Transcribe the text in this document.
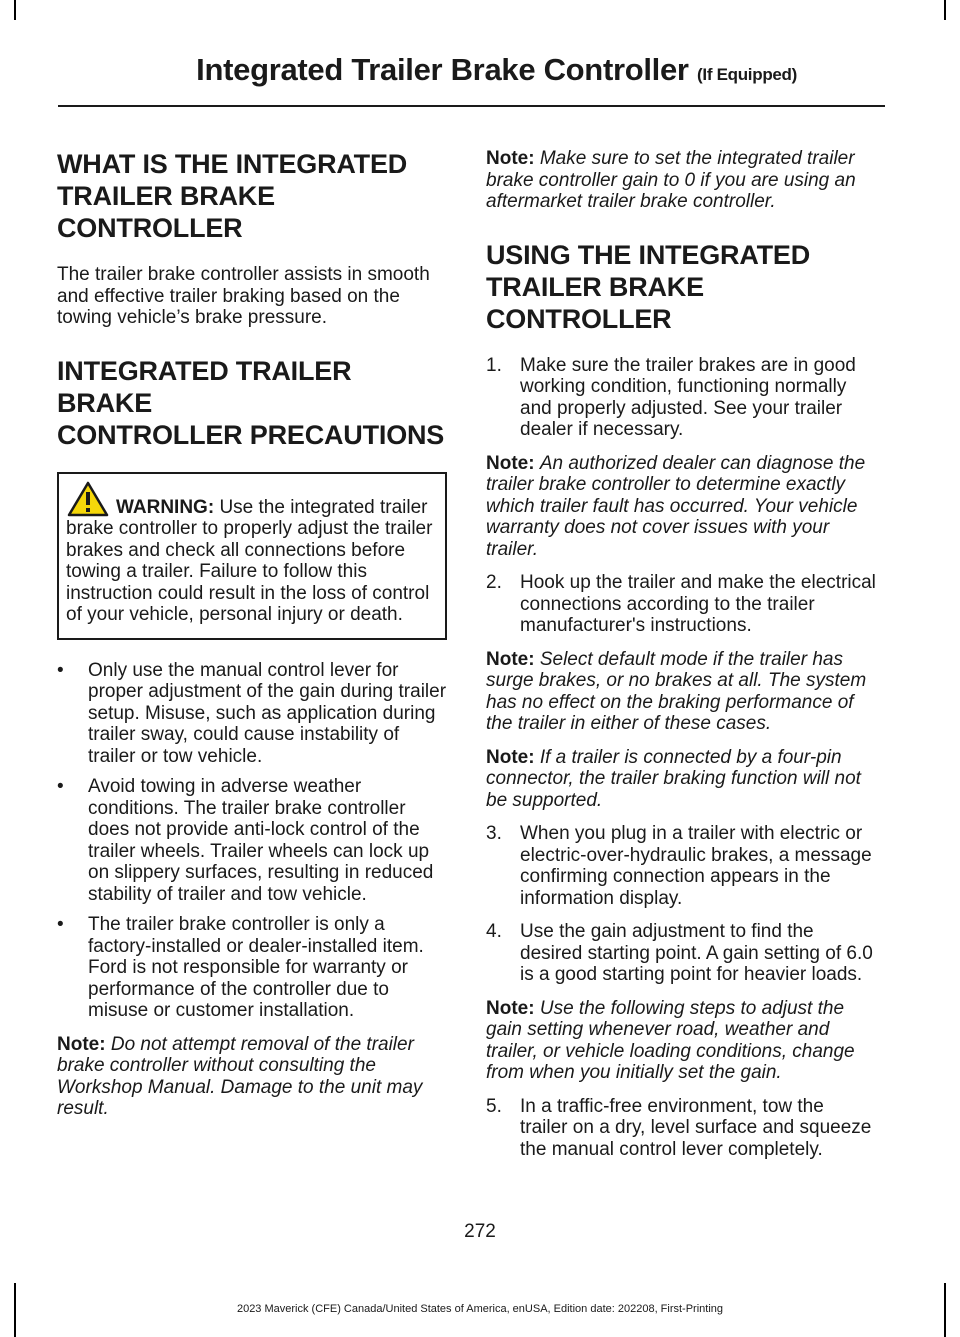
Integrated Trailer Brake Controller (If Equipped)
WHAT IS THE INTEGRATED
TRAILER BRAKE CONTROLLER

The trailer brake controller assists in smooth and effective trailer braking based on the towing vehicle’s brake pressure.

INTEGRATED TRAILER BRAKE
CONTROLLER PRECAUTIONS
WARNING: Use the integrated trailer brake controller to properly adjust the trailer brakes and check all connections before towing a trailer. Failure to follow this instruction could result in the loss of control of your vehicle, personal injury or death.
• Only use the manual control lever for proper adjustment of the gain during trailer setup. Misuse, such as application during trailer sway, could cause instability of trailer or tow vehicle.
• Avoid towing in adverse weather conditions. The trailer brake controller does not provide anti-lock control of the trailer wheels. Trailer wheels can lock up on slippery surfaces, resulting in reduced stability of trailer and tow vehicle.
• The trailer brake controller is only a factory-installed or dealer-installed item. Ford is not responsible for warranty or performance of the controller due to misuse or customer installation.

Note: Do not attempt removal of the trailer brake controller without consulting the Workshop Manual. Damage to the unit may result.

Note: Make sure to set the integrated trailer brake controller gain to 0 if you are using an aftermarket trailer brake controller.

USING THE INTEGRATED
TRAILER BRAKE CONTROLLER
1. Make sure the trailer brakes are in good working condition, functioning normally and properly adjusted. See your trailer dealer if necessary.

Note: An authorized dealer can diagnose the trailer brake controller to determine exactly which trailer fault has occurred. Your vehicle warranty does not cover issues with your trailer.

2. Hook up the trailer and make the electrical connections according to the trailer manufacturer's instructions.

Note: Select default mode if the trailer has surge brakes, or no brakes at all. The system has no effect on the braking performance of the trailer in either of these cases.

Note: If a trailer is connected by a four-pin connector, the trailer braking function will not be supported.

3. When you plug in a trailer with electric or electric-over-hydraulic brakes, a message confirming connection appears in the information display.
4. Use the gain adjustment to find the desired starting point. A gain setting of 6.0 is a good starting point for heavier loads.

Note: Use the following steps to adjust the gain setting whenever road, weather and trailer, or vehicle loading conditions, change from when you initially set the gain.

5. In a traffic-free environment, tow the trailer on a dry, level surface and squeeze the manual control lever completely.
272
2023 Maverick (CFE) Canada/United States of America, enUSA, Edition date: 202208, First-Printing
